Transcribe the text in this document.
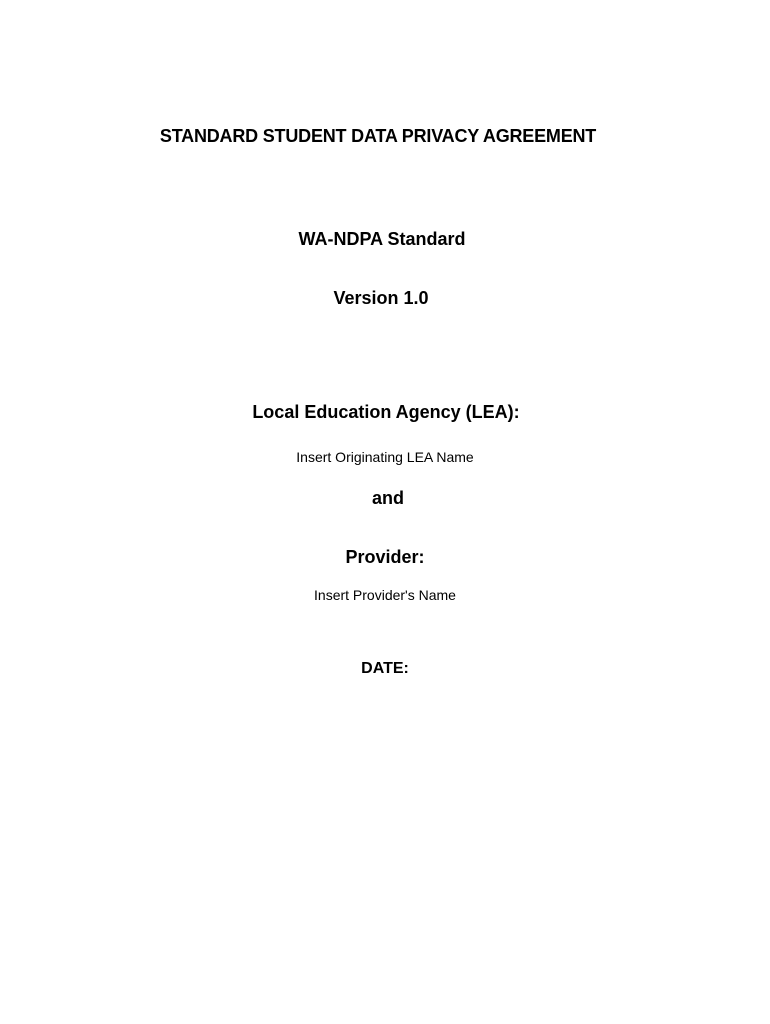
STANDARD STUDENT DATA PRIVACY AGREEMENT
WA-NDPA Standard
Version 1.0
Local Education Agency (LEA):
Insert Originating LEA Name
and
Provider:
Insert Provider's Name
DATE:
